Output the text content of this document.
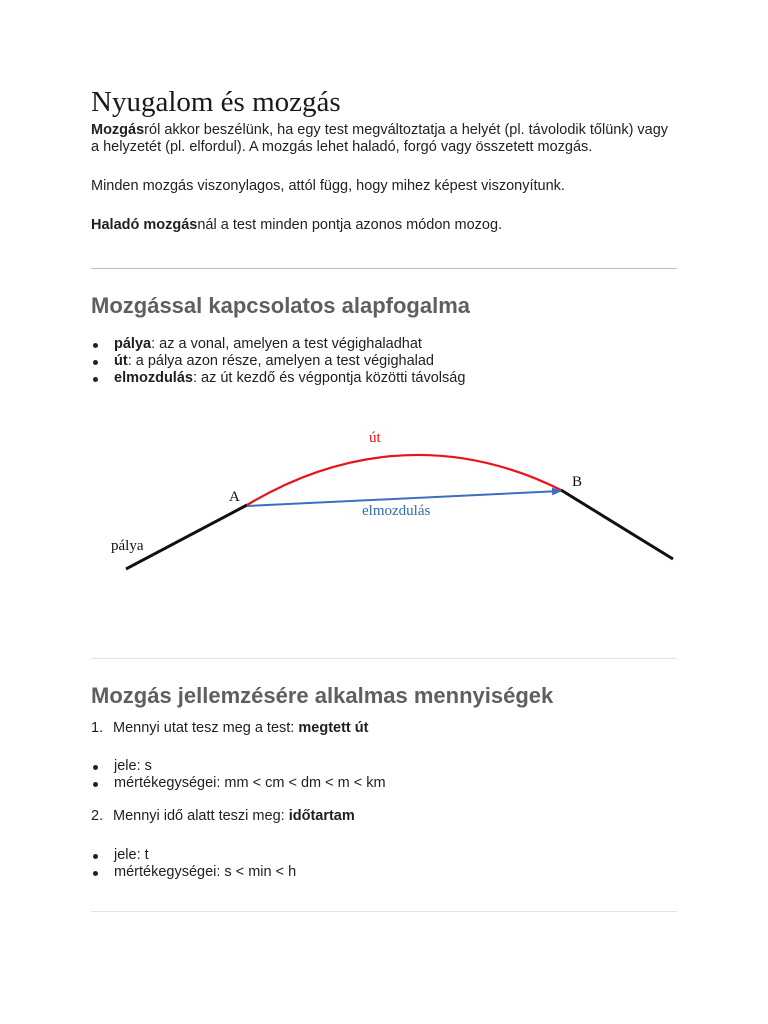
Nyugalom és mozgás

Mozgásról akkor beszélünk, ha egy test megváltoztatja a helyét (pl. távolodik tőlünk) vagy a helyzetét (pl. elfordul). A mozgás lehet haladó, forgó vagy összetett mozgás.

Minden mozgás viszonylagos, attól függ, hogy mihez képest viszonyítunk.

Haladó mozgásnál a test minden pontja azonos módon mozog.

Mozgással kapcsolatos alapfogalma
pálya: az a vonal, amelyen a test végighaladhat
út: a pálya azon része, amelyen a test végighalad
elmozdulás: az út kezdő és végpontja közötti távolság
Mozgás jellemzésére alkalmas mennyiségek

1. Mennyi utat tesz meg a test: megtett út

jele: s
mértékegységei: mm < cm < dm < m < km

2. Mennyi idő alatt teszi meg: időtartam

jele: t
mértékegységei: s < min < h
út
A
B
elmozdulás
pálya
